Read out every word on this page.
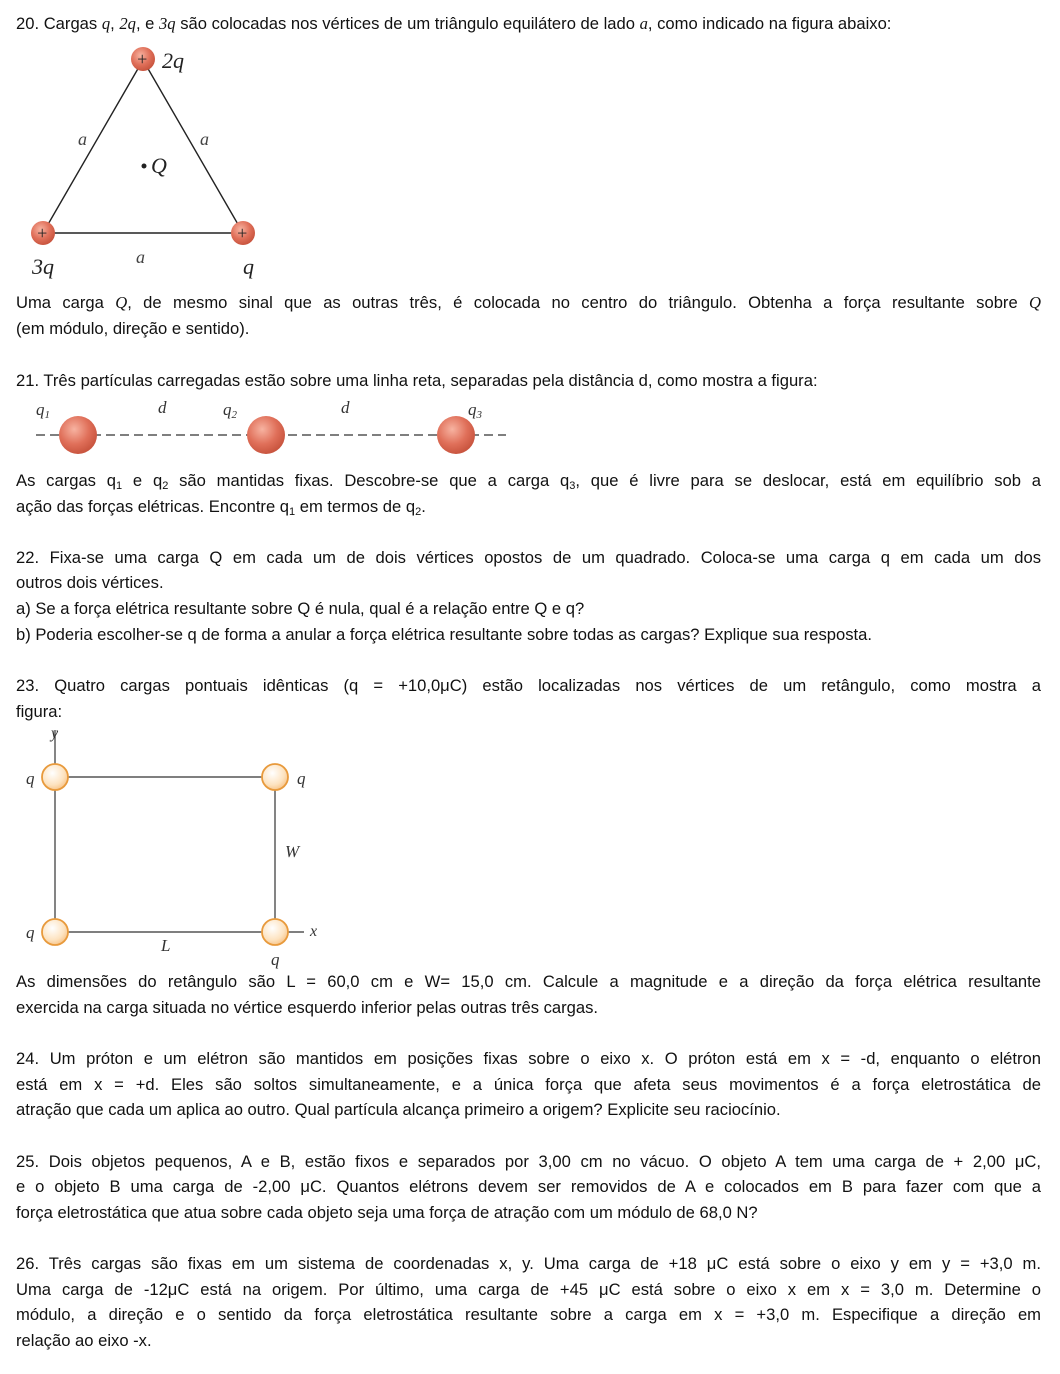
20. Cargas q, 2q, e 3q são colocadas nos vértices de um triângulo equilátero de lado a, como indicado na figura abaixo:

+
+	+
2q
3q	q
a	a
a
Q

Uma carga Q, de mesmo sinal que as outras três, é colocada no centro do triângulo. Obtenha a força resultante sobre Q

(em módulo, direção e sentido).

21. Três partículas carregadas estão sobre uma linha reta, separadas pela distância d, como mostra a figura:

q1	q2	q3
d	d

As cargas $q_1$ e $q_2$ são mantidas fixas. Descobre-se que a carga $q_3$, que é livre para se deslocar, está em equilíbrio sob a

ação das forças elétricas. Encontre $q_1$ em termos de $q_2$.

22. Fixa-se uma carga Q em cada um de dois vértices opostos de um quadrado. Coloca-se uma carga q em cada um dos

outros dois vértices.

a) Se a força elétrica resultante sobre Q é nula, qual é a relação entre Q e q?

b) Poderia escolher-se q de forma a anular a força elétrica resultante sobre todas as cargas? Explique sua resposta.

23. Quatro cargas pontuais idênticas (q = +10,0μC) estão localizadas nos vértices de um retângulo, como mostra a

figura:

y
x
q	q
q
q
W
L

As dimensões do retângulo são L = 60,0 cm e W= 15,0 cm. Calcule a magnitude e a direção da força elétrica resultante

exercida na carga situada no vértice esquerdo inferior pelas outras três cargas.

24. Um próton e um elétron são mantidos em posições fixas sobre o eixo x. O próton está em x = -d, enquanto o elétron

está em x = +d. Eles são soltos simultaneamente, e a única força que afeta seus movimentos é a força eletrostática de

atração que cada um aplica ao outro. Qual partícula alcança primeiro a origem? Explicite seu raciocínio.

25. Dois objetos pequenos, A e B, estão fixos e separados por 3,00 cm no vácuo. O objeto A tem uma carga de + 2,00 μC,

e o objeto B uma carga de -2,00 μC. Quantos elétrons devem ser removidos de A e colocados em B para fazer com que a

força eletrostática que atua sobre cada objeto seja uma força de atração com um módulo de 68,0 N?

26. Três cargas são fixas em um sistema de coordenadas x, y. Uma carga de +18 μC está sobre o eixo y em y = +3,0 m.

Uma carga de -12μC está na origem. Por último, uma carga de +45 μC está sobre o eixo x em x = 3,0 m. Determine o

módulo, a direção e o sentido da força eletrostática resultante sobre a carga em x = +3,0 m. Especifique a direção em

relação ao eixo -x.
